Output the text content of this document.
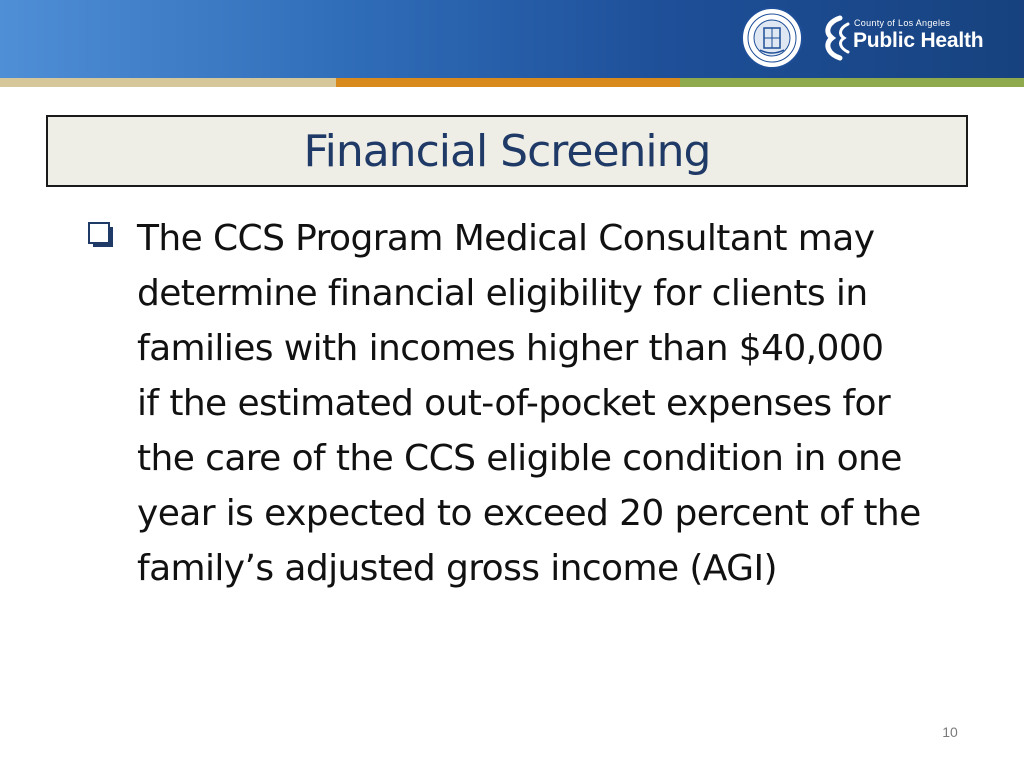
County of Los Angeles
Public Health
Financial Screening
The CCS Program Medical Consultant may
determine financial eligibility for clients in
families with incomes higher than $40,000
if the estimated out-of-pocket expenses for
the care of the CCS eligible condition in one
year is expected to exceed 20 percent of the
family’s adjusted gross income (AGI)
10
